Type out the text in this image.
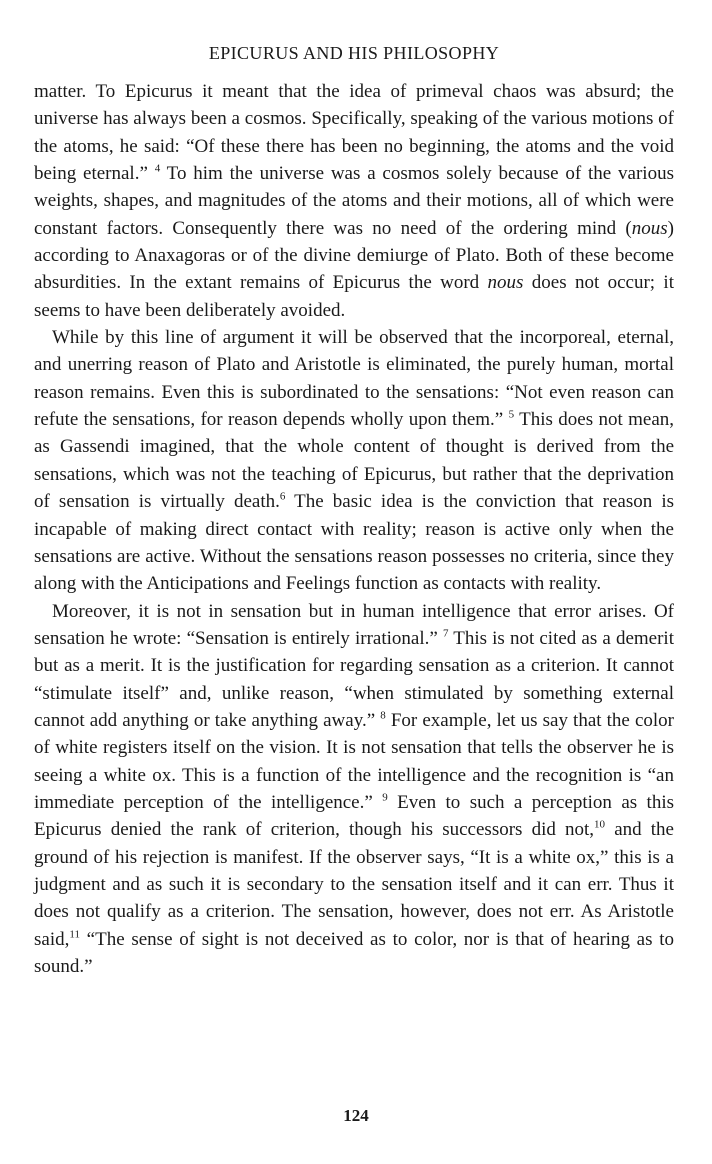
EPICURUS AND HIS PHILOSOPHY

matter. To Epicurus it meant that the idea of primeval chaos was absurd; the universe has always been a cosmos. Specifically, speaking of the various motions of the atoms, he said: “Of these there has been no beginning, the atoms and the void being eternal.” $^4$ To him the universe was a cosmos solely because of the various weights, shapes, and magnitudes of the atoms and their motions, all of which were constant factors. Consequently there was no need of the ordering mind (nous) according to Anaxagoras or of the divine demiurge of Plato. Both of these become absurdities. In the extant remains of Epicurus the word nous does not occur; it seems to have been deliberately avoided.

While by this line of argument it will be observed that the incorporeal, eternal, and unerring reason of Plato and Aristotle is eliminated, the purely human, mortal reason remains. Even this is subordinated to the sensations: “Not even reason can refute the sensations, for reason depends wholly upon them.” $^5$ This does not mean, as Gassendi imagined, that the whole content of thought is derived from the sensations, which was not the teaching of Epicurus, but rather that the deprivation of sensation is virtually death.$^6$ The basic idea is the conviction that reason is incapable of making direct contact with reality; reason is active only when the sensations are active. Without the sensations reason possesses no criteria, since they along with the Anticipations and Feelings function as contacts with reality.

Moreover, it is not in sensation but in human intelligence that error arises. Of sensation he wrote: “Sensation is entirely irrational.” $^7$ This is not cited as a demerit but as a merit. It is the justification for regarding sensation as a criterion. It cannot “stimulate itself” and, unlike reason, “when stimulated by something external cannot add anything or take anything away.” $^8$ For example, let us say that the color of white registers itself on the vision. It is not sensation that tells the observer he is seeing a white ox. This is a function of the intelligence and the recognition is “an immediate perception of the intelligence.” $^9$ Even to such a perception as this Epicurus denied the rank of criterion, though his successors did not,$^{10}$ and the ground of his rejection is manifest. If the observer says, “It is a white ox,” this is a judgment and as such it is secondary to the sensation itself and it can err. Thus it does not qualify as a criterion. The sensation, however, does not err. As Aristotle said,$^{11}$ “The sense of sight is not deceived as to color, nor is that of hearing as to sound.”

124
